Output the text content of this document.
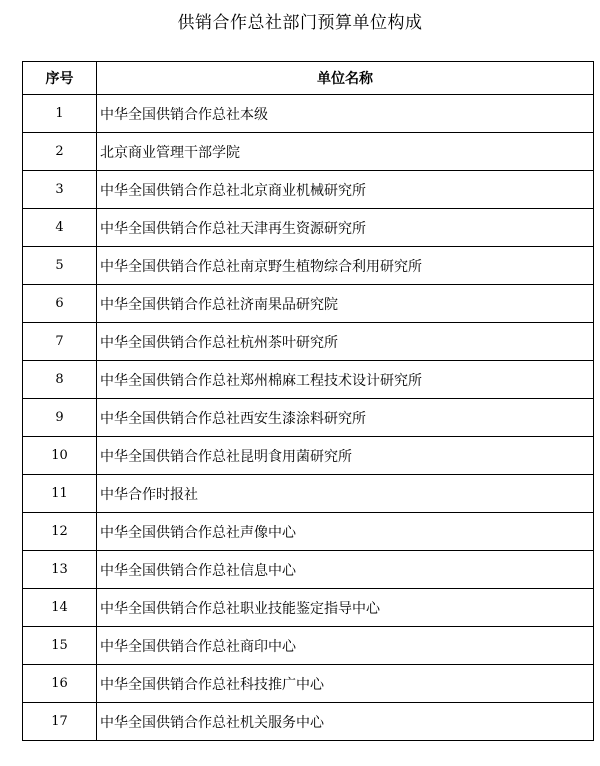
供销合作总社部门预算单位构成
序号	单位名称
1	中华全国供销合作总社本级
2	北京商业管理干部学院
3	中华全国供销合作总社北京商业机械研究所
4	中华全国供销合作总社天津再生资源研究所
5	中华全国供销合作总社南京野生植物综合利用研究所
6	中华全国供销合作总社济南果品研究院
7	中华全国供销合作总社杭州茶叶研究所
8	中华全国供销合作总社郑州棉麻工程技术设计研究所
9	中华全国供销合作总社西安生漆涂料研究所
10	中华全国供销合作总社昆明食用菌研究所
11	中华合作时报社
12	中华全国供销合作总社声像中心
13	中华全国供销合作总社信息中心
14	中华全国供销合作总社职业技能鉴定指导中心
15	中华全国供销合作总社商印中心
16	中华全国供销合作总社科技推广中心
17	中华全国供销合作总社机关服务中心
